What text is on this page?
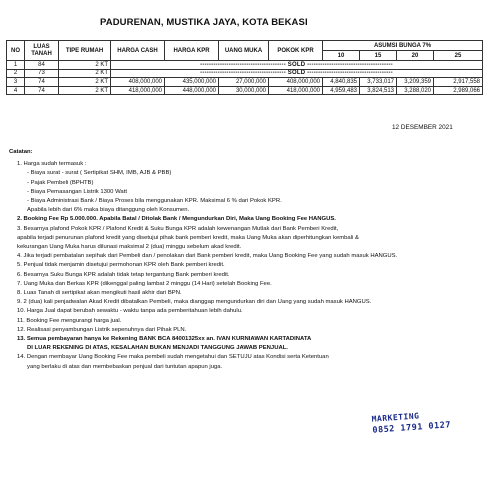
PADURENAN, MUSTIKA JAYA, KOTA BEKASI
NO	LUAS TANAH	TIPE RUMAH	HARGA CASH	HARGA KPR	UANG MUKA	POKOK KPR	ASUMSI BUNGA 7%			
							10	15	20	25
1	84	2 KT	--------------------------------------- SOLD ---------------------------------------							
2	73	2 KT	--------------------------------------- SOLD ---------------------------------------							
3	74	2 KT	408,000,000	435,000,000	27,000,000	408,000,000	4,840,835	3,733,017	3,209,359	2,917,558
4	74	2 KT	418,000,000	448,000,000	30,000,000	418,000,000	4,959,483	3,824,513	3,288,020	2,989,066
12 DESEMBER 2021
Catatan:
1. Harga sudah termasuk :
- Biaya surat - surat ( Sertipikat SHM, IMB, AJB & PBB)
- Pajak Pembeli (BPHTB)
- Biaya Pemasangan Listrik 1300 Watt
- Biaya Administrasi Bank / Biaya Proses bila menggunakan KPR. Maksimal 6 % dari Pokok KPR.
Apabila lebih dari 6% maka biaya ditanggung oleh Konsumen.
2. Booking Fee Rp 5.000.000. Apabila Batal / Ditolak Bank / Mengundurkan Diri, Maka Uang Booking Fee HANGUS.
3. Besarnya plafond Pokok KPR / Plafond Kredit & Suku Bunga KPR adalah kewenangan Mutlak dari Bank Pemberi Kredit,
apabila terjadi penurunan plafond kredit yang disetujui pihak bank pemberi kredit, maka Uang Muka akan diperhitungkan kembali &
kekurangan Uang Muka harus dilunasi maksimal 2 (dua) minggu sebelum akad kredit.
4. Jika terjadi pembatalan sepihak dari Pembeli dan / penolakan dari Bank pemberi kredit, maka Uang Booking Fee yang sudah masuk HANGUS.
5. Penjual tidak menjamin disetujui permohonan KPR oleh Bank pemberi kredit.
6. Besarnya Suku Bunga KPR adalah tidak tetap tergantung Bank pemberi kredit.
7. Uang Muka dan Berkas KPR (dikenggal paling lambat 2 minggu (14 Hari) setelah Booking Fee.
8. Luas Tanah di sertipikat akan mengikuti hasil akhir dari BPN.
9. 2 (dua) kali penjadwalan Akad Kredit dibatalkan Pembeli, maka dianggap mengundurkan diri dan Uang yang sudah masuk HANGUS.
10. Harga Jual dapat berubah sewaktu - waktu tanpa ada pemberitahuan lebih dahulu.
11. Booking Fee mengurangi harga jual.
12. Realisasi penyambungan Listrik sepenuhnya dari Pihak PLN.
13. Semua pembayaran hanya ke Rekening BANK BCA 84001325xx an. IVAN KURNIAWAN KARTADINATA
DI LUAR REKENING DI ATAS, KESALAHAN BUKAN MENJADI TANGGUNG JAWAB PENJUAL.
14. Dengan membayar Uang Booking Fee maka pembeli sudah mengetahui dan SETUJU atas Kondisi serta Ketentuan
yang berlaku di atas dan membebaskan penjual dari tuntutan apapun juga.
MARKETING
0852 1791 0127
